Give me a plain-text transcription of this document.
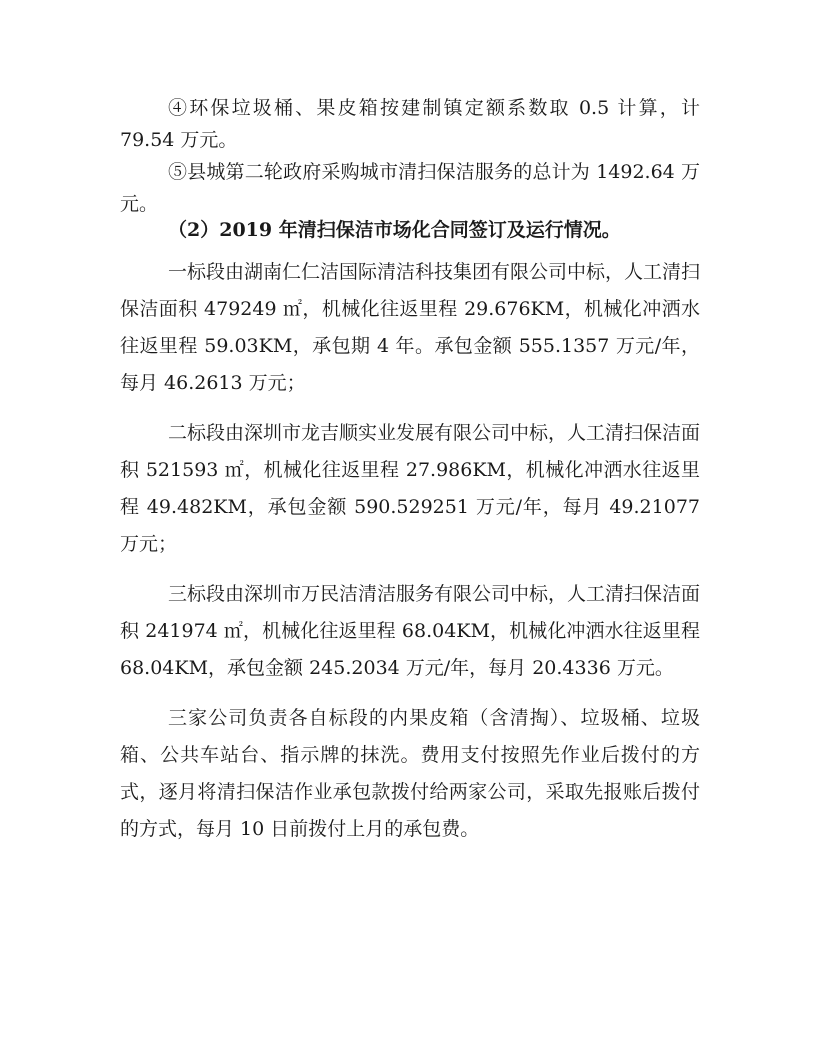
④环保垃圾桶、果皮箱按建制镇定额系数取 0.5 计算，计 79.54 万元。

⑤县城第二轮政府采购城市清扫保洁服务的总计为 1492.64 万元。

（2）2019 年清扫保洁市场化合同签订及运行情况。

一标段由湖南仁仁洁国际清洁科技集团有限公司中标，人工清扫保洁面积 479249 ㎡，机械化往返里程 29.676KM，机械化冲洒水往返里程 59.03KM，承包期 4 年。承包金额 555.1357 万元/年，每月 46.2613 万元；

二标段由深圳市龙吉顺实业发展有限公司中标，人工清扫保洁面积 521593 ㎡，机械化往返里程 27.986KM，机械化冲洒水往返里程 49.482KM，承包金额 590.529251 万元/年，每月 49.21077 万元；

三标段由深圳市万民洁清洁服务有限公司中标，人工清扫保洁面积 241974 ㎡，机械化往返里程 68.04KM，机械化冲洒水往返里程 68.04KM，承包金额 245.2034 万元/年，每月 20.4336 万元。

三家公司负责各自标段的内果皮箱（含清掏）、垃圾桶、垃圾箱、公共车站台、指示牌的抹洗。费用支付按照先作业后拨付的方式，逐月将清扫保洁作业承包款拨付给两家公司，采取先报账后拨付的方式，每月 10 日前拨付上月的承包费。
